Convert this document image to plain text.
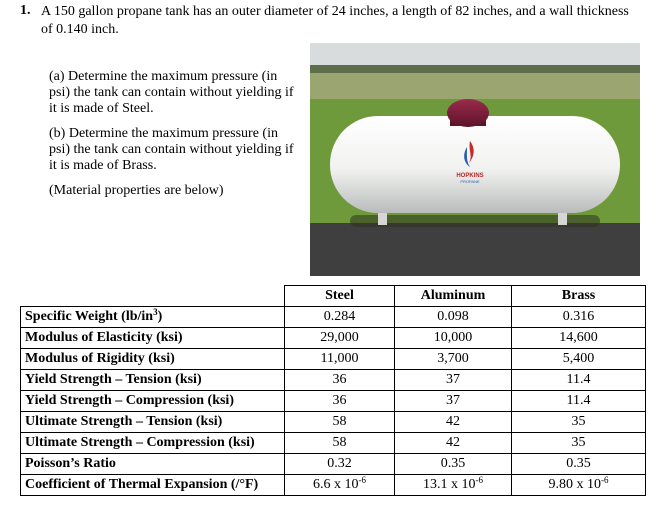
1. A 150 gallon propane tank has an outer diameter of 24 inches, a length of 82 inches, and a wall thickness of 0.140 inch.
(a) Determine the maximum pressure (in psi) the tank can contain without yielding if it is made of Steel.
(b) Determine the maximum pressure (in psi) the tank can contain without yielding if it is made of Brass.
(Material properties are below)
HOPKINS
PROPANE
	Steel	Aluminum	Brass
Specific Weight $(lb/in^3)$	0.284	0.098	0.316
Modulus of Elasticity (ksi)	29,000	10,000	14,600
Modulus of Rigidity (ksi)	11,000	3,700	5,400
Yield Strength – Tension (ksi)	36	37	11.4
Yield Strength – Compression (ksi)	36	37	11.4
Ultimate Strength – Tension (ksi)	58	42	35
Ultimate Strength – Compression (ksi)	58	42	35
Poisson’s Ratio	0.32	0.35	0.35
Coefficient of Thermal Expansion (/°F)	6.6 x $10^{-6}$	13.1 x $10^{-6}$	9.80 x $10^{-6}$
